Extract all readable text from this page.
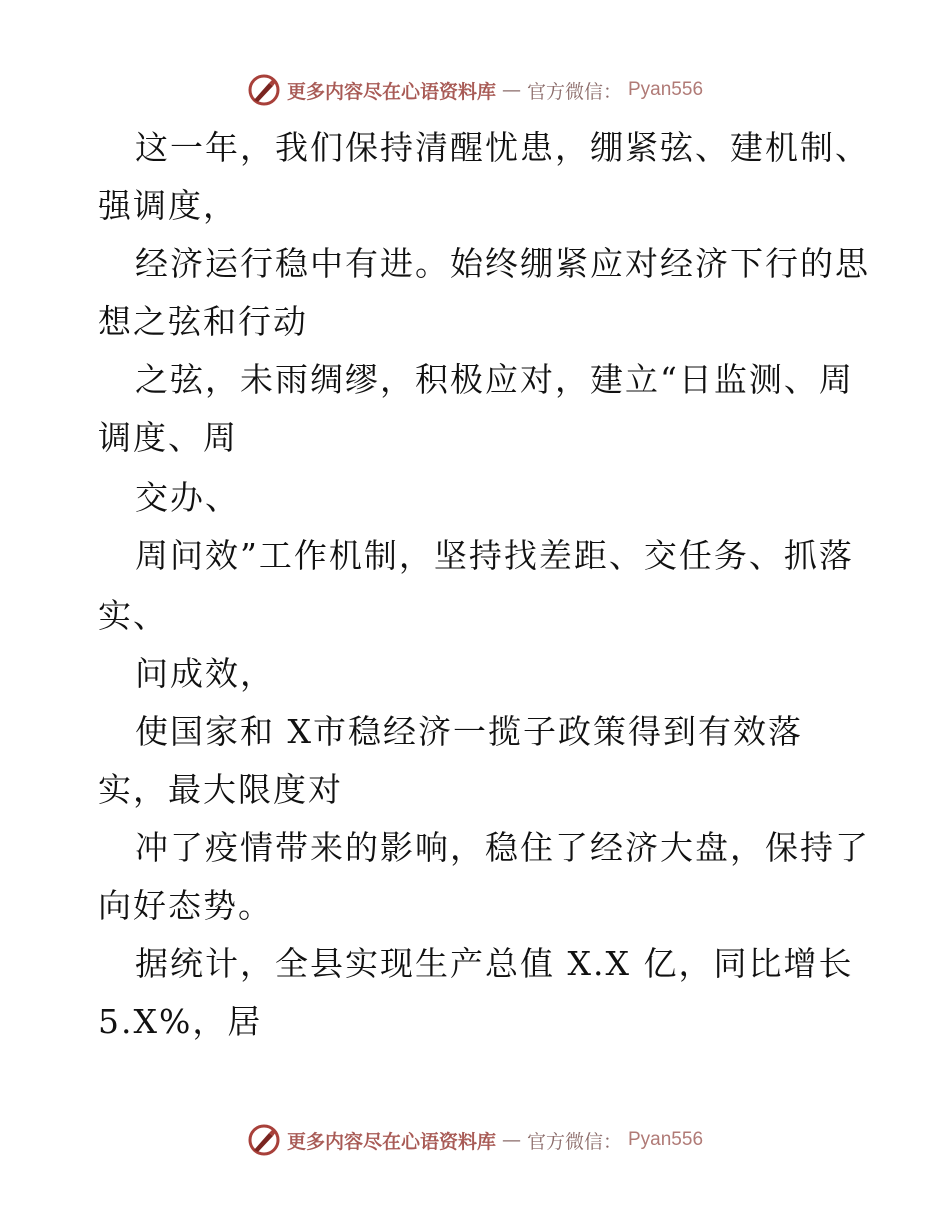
更多内容尽在心语资料库 — 官方微信： Pyan556
这一年，我们保持清醒忧患，绷紧弦、建机制、
强调度，
经济运行稳中有进。始终绷紧应对经济下行的思
想之弦和行动
之弦，未雨绸缪，积极应对，建立“日监测、周
调度、周
交办、
周问效”工作机制，坚持找差距、交任务、抓落
实、
问成效，
使国家和 X市稳经济一揽子政策得到有效落
实，最大限度对
冲了疫情带来的影响，稳住了经济大盘，保持了
向好态势。
据统计，全县实现生产总值 X.X 亿，同比增长
5.X%，居
更多内容尽在心语资料库 — 官方微信： Pyan556
